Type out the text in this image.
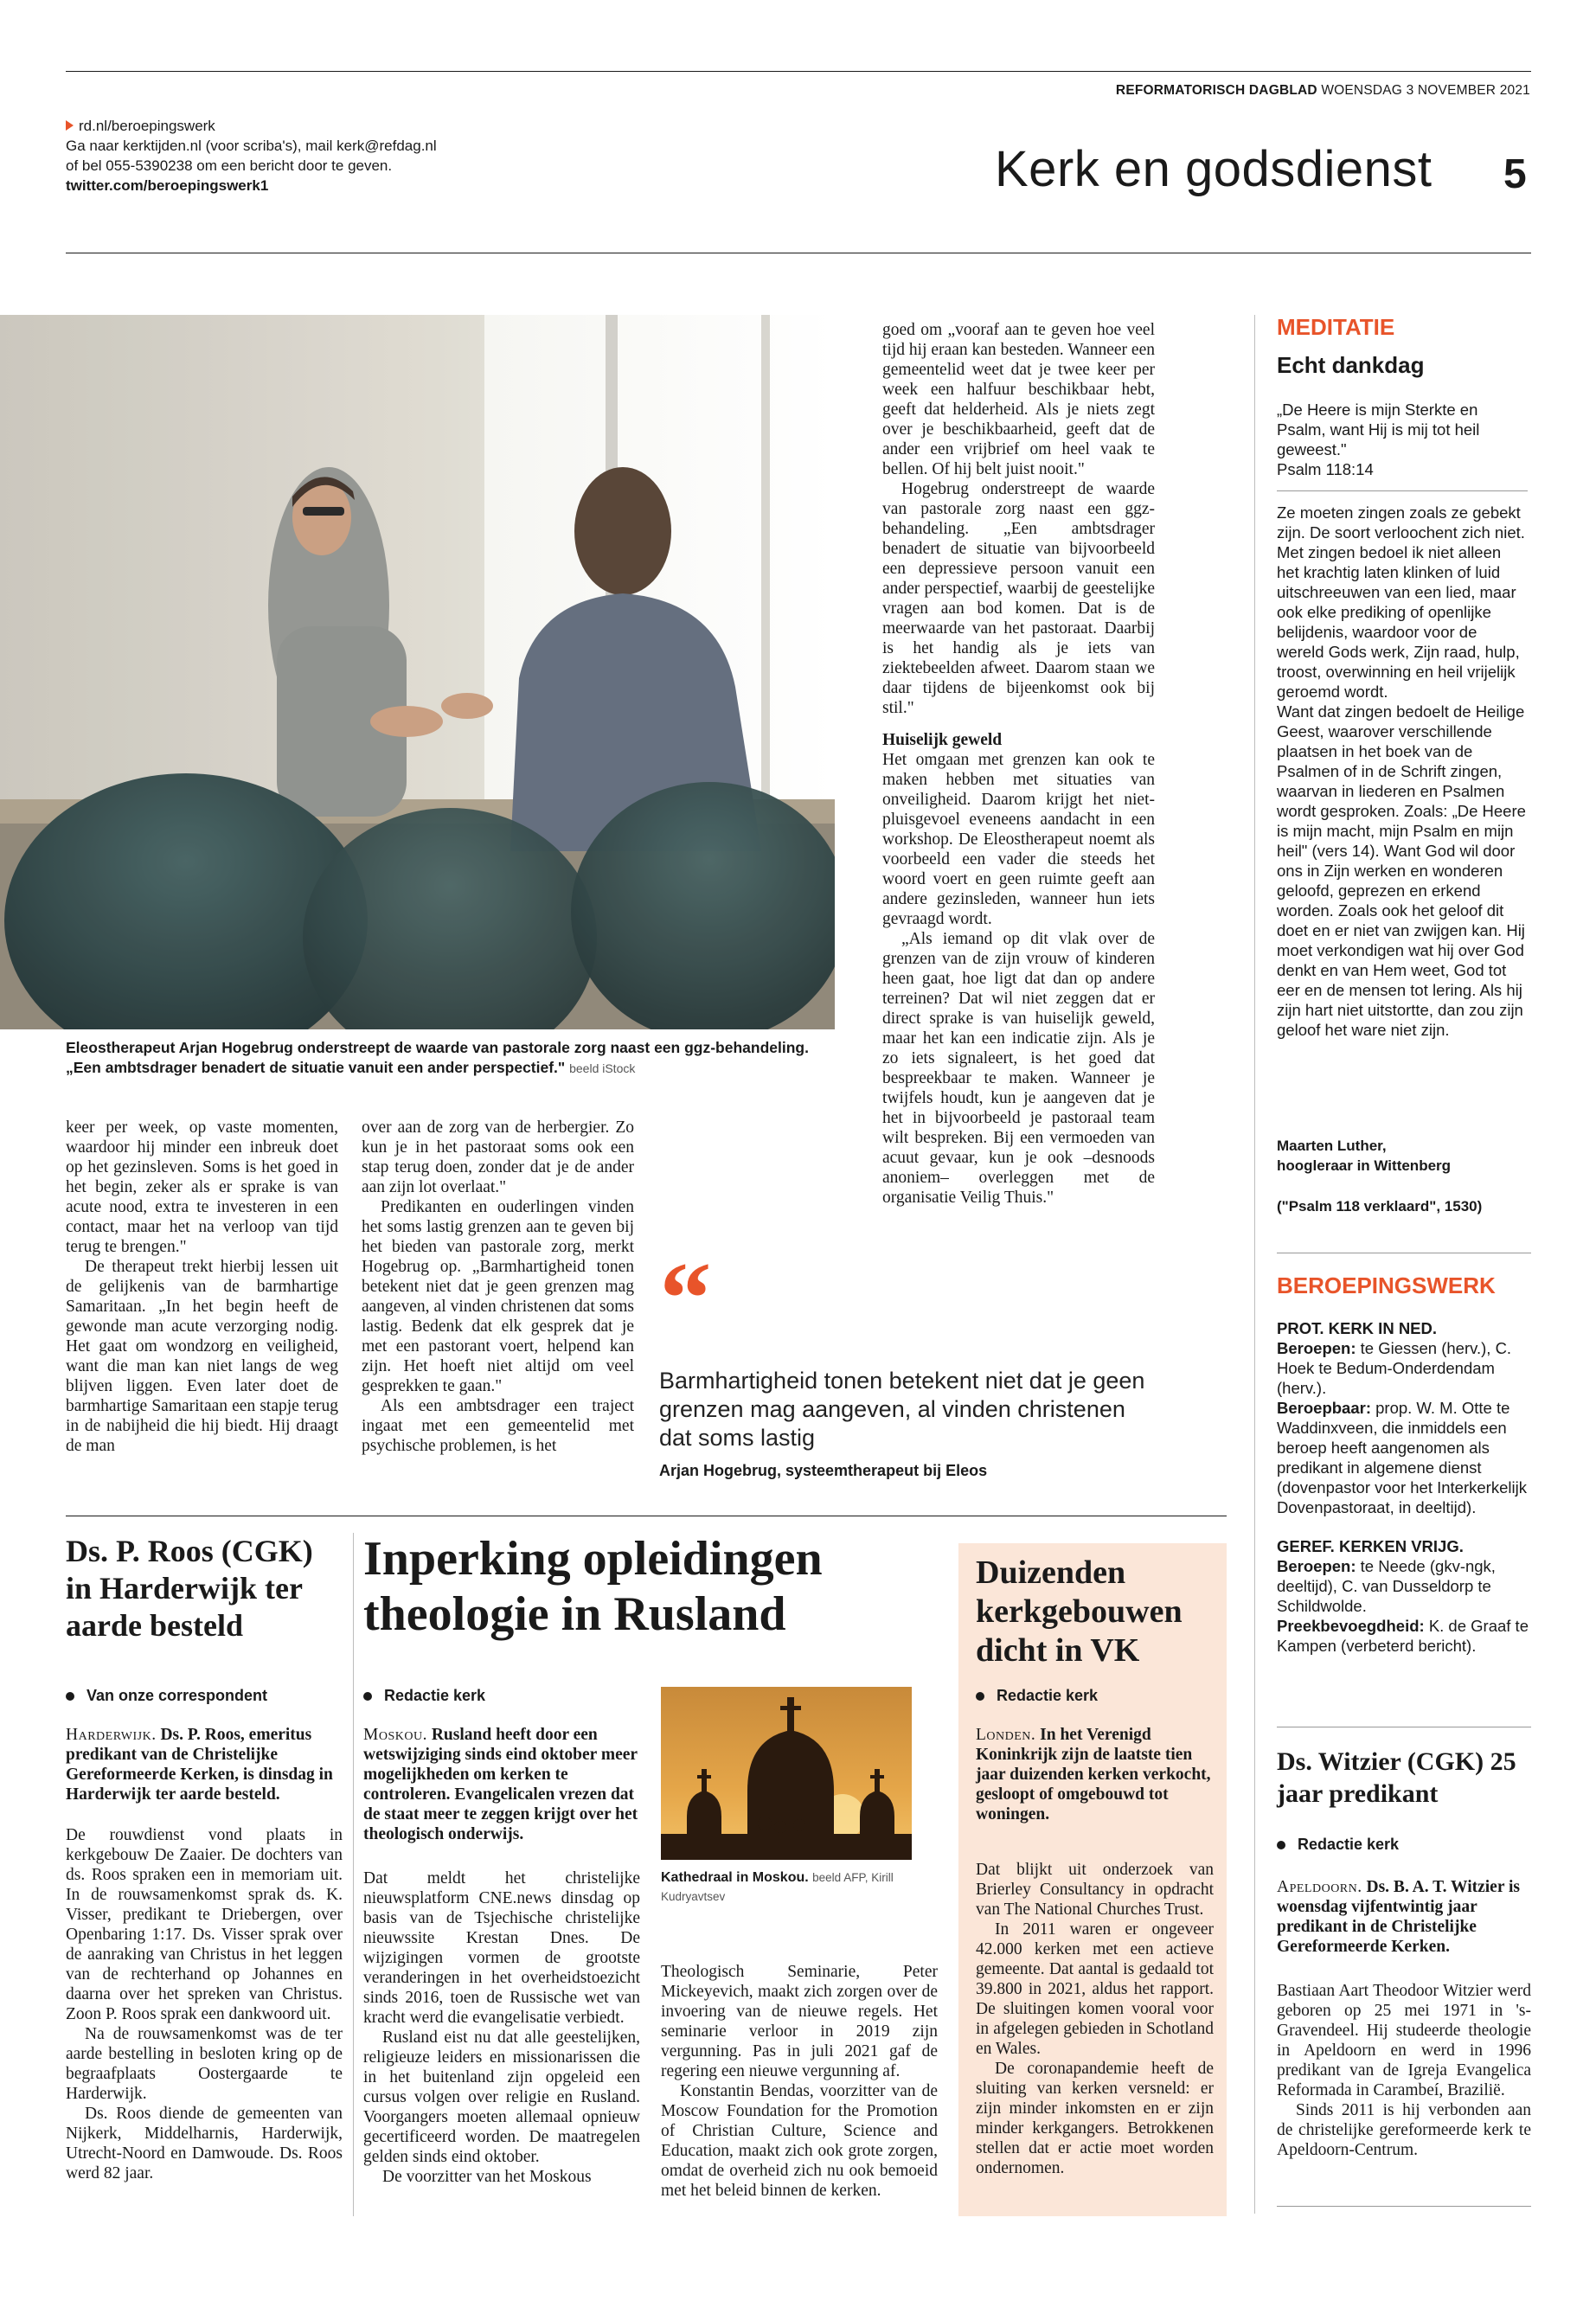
REFORMATORISCH DAGBLAD WOENSDAG 3 NOVEMBER 2021
rd.nl/beroepingswerk
Ga naar kerktijden.nl (voor scriba's), mail kerk@refdag.nl
of bel 055-5390238 om een bericht door te geven.
twitter.com/beroepingswerk1	Kerk en godsdienst 5
Eleostherapeut Arjan Hogebrug onderstreept de waarde van pastorale zorg naast een ggz-behandeling. „Een ambtsdrager benadert de situatie vanuit een ander perspectief." beeld iStock

keer per week, op vaste momenten, waardoor hij minder een inbreuk doet op het gezinsleven. Soms is het goed in het begin, zeker als er sprake is van acute nood, extra te investeren in een contact, maar het na verloop van tijd terug te brengen."

De therapeut trekt hierbij lessen uit de gelijkenis van de barmhartige Samaritaan. „In het begin heeft de gewonde man acute verzorging nodig. Het gaat om wondzorg en veiligheid, want die man kan niet langs de weg blijven liggen. Even later doet de barmhartige Samaritaan een stapje terug in de nabijheid die hij biedt. Hij draagt de man

over aan de zorg van de herbergier. Zo kun je in het pastoraat soms ook een stap terug doen, zonder dat je de ander aan zijn lot overlaat."

Predikanten en ouderlingen vinden het soms lastig grenzen aan te geven bij het bieden van pastorale zorg, merkt Hogebrug op. „Barmhartigheid tonen betekent niet dat je geen grenzen mag aangeven, al vinden christenen dat soms lastig. Bedenk dat elk gesprek dat je met een pastorant voert, helpend kan zijn. Het hoeft niet altijd om veel gesprekken te gaan."

Als een ambtsdrager een traject ingaat met een gemeentelid met psychische problemen, is het

goed om „vooraf aan te geven hoe veel tijd hij eraan kan besteden. Wanneer een gemeentelid weet dat je twee keer per week een halfuur beschikbaar hebt, geeft dat helderheid. Als je niets zegt over je beschikbaarheid, geeft dat de ander een vrijbrief om heel vaak te bellen. Of hij belt juist nooit."

Hogebrug onderstreept de waarde van pastorale zorg naast een ggz-behandeling. „Een ambtsdrager benadert de situatie van bijvoorbeeld een depressieve persoon vanuit een ander perspectief, waarbij de geestelijke vragen aan bod komen. Dat is de meerwaarde van het pastoraat. Daarbij is het handig als je iets van ziektebeelden afweet. Daarom staan we daar tijdens de bijeenkomst ook bij stil."

Huiselijk geweld

Het omgaan met grenzen kan ook te maken hebben met situaties van onveiligheid. Daarom krijgt het niet-pluisgevoel eveneens aandacht in een workshop. De Eleostherapeut noemt als voorbeeld een vader die steeds het woord voert en geen ruimte geeft aan andere gezinsleden, wanneer hun iets gevraagd wordt.

„Als iemand op dit vlak over de grenzen van de zijn vrouw of kinderen heen gaat, hoe ligt dat dan op andere terreinen? Dat wil niet zeggen dat er direct sprake is van huiselijk geweld, maar het kan een indicatie zijn. Als je zo iets signaleert, is het goed dat bespreekbaar te maken. Wanneer je twijfels houdt, kun je aangeven dat je het in bijvoorbeeld je pastoraal team wilt bespreken. Bij een vermoeden van acuut gevaar, kun je ook –desnoods anoniem– overleggen met de organisatie Veilig Thuis."

„
Barmhartigheid tonen betekent niet dat je geen grenzen mag aangeven, al vinden christenen dat soms lastig
Arjan Hogebrug, systeemtherapeut bij Eleos
MEDITATIE
Echt dankdag

„De Heere is mijn Sterkte en Psalm, want Hij is mij tot heil geweest."

Psalm 118:14

Ze moeten zingen zoals ze gebekt zijn. De soort verloochent zich niet. Met zingen bedoel ik niet alleen het krachtig laten klinken of luid uitschreeuwen van een lied, maar ook elke prediking of openlijke belijdenis, waardoor voor de wereld Gods werk, Zijn raad, hulp, troost, overwinning en heil vrijelijk geroemd wordt.

Want dat zingen bedoelt de Heilige Geest, waarover verschillende plaatsen in het boek van de Psalmen of in de Schrift zingen, waarvan in liederen en Psalmen wordt gesproken. Zoals: „De Heere is mijn macht, mijn Psalm en mijn heil" (vers 14). Want God wil door ons in Zijn werken en wonderen geloofd, geprezen en erkend worden. Zoals ook het geloof dit doet en er niet van zwijgen kan. Hij moet verkondigen wat hij over God denkt en van Hem weet, God tot eer en de mensen tot lering. Als hij zijn hart niet uitstortte, dan zou zijn geloof het ware niet zijn.

Maarten Luther,

hoogleraar in Wittenberg

("Psalm 118 verklaard", 1530)

BEROEPINGSWERK

PROT. KERK IN NED.

Beroepen: te Giessen (herv.), C. Hoek te Bedum-Onderdendam (herv.).

Beroepbaar: prop. W. M. Otte te Waddinxveen, die inmiddels een beroep heeft aangenomen als predikant in algemene dienst (dovenpastor voor het Interkerkelijk Dovenpastoraat, in deeltijd).

GEREF. KERKEN VRIJG.

Beroepen: te Neede (gkv-ngk, deeltijd), C. van Dusseldorp te Schildwolde.

Preekbevoegdheid: K. de Graaf te Kampen (verbeterd bericht).

Ds. Witzier (CGK) 25 jaar predikant
Redactie kerk
Apeldoorn. Ds. B. A. T. Witzier is woensdag vijfentwintig jaar predikant in de Christelijke Gereformeerde Kerken.

Bastiaan Aart Theodoor Witzier werd geboren op 25 mei 1971 in 's-Gravendeel. Hij studeerde theologie in Apeldoorn en werd in 1996 predikant van de Igreja Evangelica Reformada in Carambeí, Brazilië.

Sinds 2011 is hij verbonden aan de christelijke gereformeerde kerk te Apeldoorn-Centrum.

Ds. P. Roos (CGK) in Harderwijk ter aarde besteld
Van onze correspondent
Harderwijk. Ds. P. Roos, emeritus predikant van de Christelijke Gereformeerde Kerken, is dinsdag in Harderwijk ter aarde besteld.

De rouwdienst vond plaats in kerkgebouw De Zaaier. De dochters van ds. Roos spraken een in memoriam uit. In de rouwsamenkomst sprak ds. K. Visser, predikant te Driebergen, over Openbaring 1:17. Ds. Visser sprak over de aanraking van Christus in het leggen van de rechterhand op Johannes en daarna over het spreken van Christus. Zoon P. Roos sprak een dankwoord uit.

Na de rouwsamenkomst was de ter aarde bestelling in besloten kring op de begraafplaats Oostergaarde te Harderwijk.

Ds. Roos diende de gemeenten van Nijkerk, Middelharnis, Harderwijk, Utrecht-Noord en Damwoude. Ds. Roos werd 82 jaar.

Inperking opleidingen theologie in Rusland
Redactie kerk
Moskou. Rusland heeft door een wetswijziging sinds eind oktober meer mogelijkheden om kerken te controleren. Evangelicalen vrezen dat de staat meer te zeggen krijgt over het theologisch onderwijs.

Dat meldt het christelijke nieuwsplatform CNE.news dinsdag op basis van de Tsjechische christelijke nieuwssite Krestan Dnes. De wijzigingen vormen de grootste veranderingen in het overheidstoezicht sinds 2016, toen de Russische wet van kracht werd die evangelisatie verbiedt.

Rusland eist nu dat alle geestelijken, religieuze leiders en missionarissen die in het buitenland zijn opgeleid een cursus volgen over religie en Rusland. Voorgangers moeten allemaal opnieuw gecertificeerd worden. De maatregelen gelden sinds eind oktober.

De voorzitter van het Moskous

Kathedraal in Moskou. beeld AFP, Kirill Kudryavtsev

Theologisch Seminarie, Peter Mickeyevich, maakt zich zorgen over de invoering van de nieuwe regels. Het seminarie verloor in 2019 zijn vergunning. Pas in juli 2021 gaf de regering een nieuwe vergunning af.

Konstantin Bendas, voorzitter van de Moscow Foundation for the Promotion of Christian Culture, Science and Education, maakt zich ook grote zorgen, omdat de overheid zich nu ook bemoeid met het beleid binnen de kerken.

Duizenden kerkgebouwen dicht in VK
Redactie kerk
Londen. In het Verenigd Koninkrijk zijn de laatste tien jaar duizenden kerken verkocht, gesloopt of omgebouwd tot woningen.

Dat blijkt uit onderzoek van Brierley Consultancy in opdracht van The National Churches Trust.

In 2011 waren er ongeveer 42.000 kerken met een actieve gemeente. Dat aantal is gedaald tot 39.800 in 2021, aldus het rapport. De sluitingen komen vooral voor in afgelegen gebieden in Schotland en Wales.

De coronapandemie heeft de sluiting van kerken versneld: er zijn minder inkomsten en er zijn minder kerkgangers. Betrokkenen stellen dat er actie moet worden ondernomen.
